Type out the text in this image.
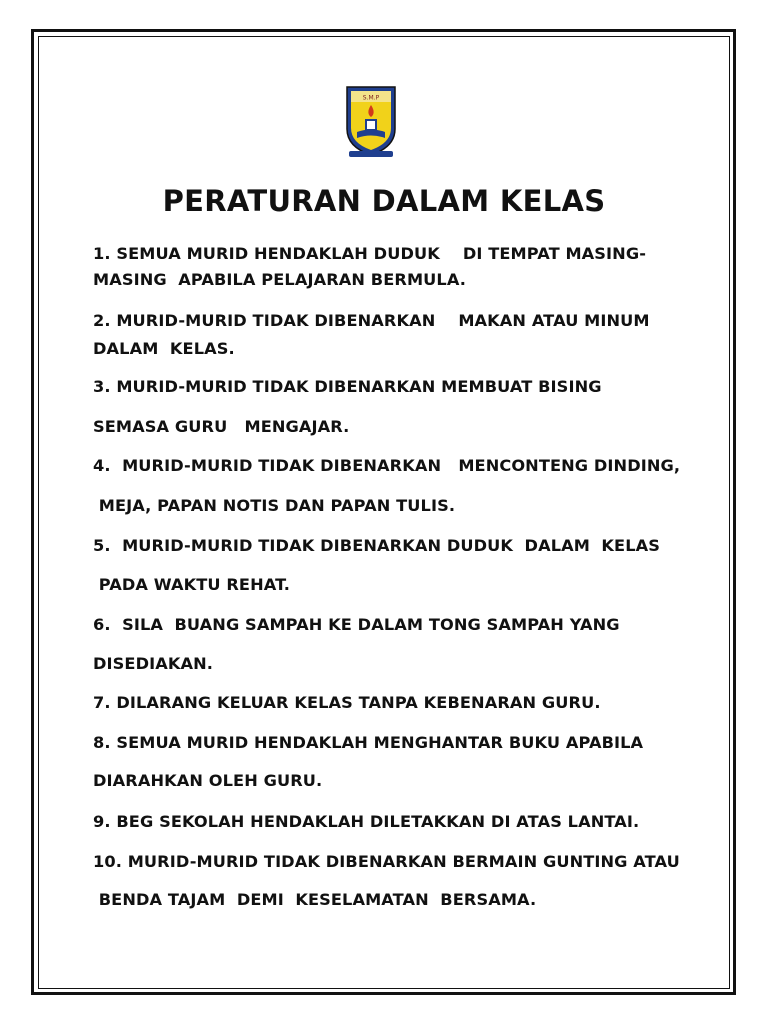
S.M.P
PERATURAN DALAM KELAS
1. SEMUA MURID HENDAKLAH DUDUK    DI TEMPAT MASING-
MASING  APABILA PELAJARAN BERMULA.
2. MURID-MURID TIDAK DIBENARKAN    MAKAN ATAU MINUM
DALAM  KELAS.
3. MURID-MURID TIDAK DIBENARKAN MEMBUAT BISING
SEMASA GURU   MENGAJAR.
4.  MURID-MURID TIDAK DIBENARKAN   MENCONTENG DINDING,
MEJA, PAPAN NOTIS DAN PAPAN TULIS.
5.  MURID-MURID TIDAK DIBENARKAN DUDUK  DALAM  KELAS
PADA WAKTU REHAT.
6.  SILA  BUANG SAMPAH KE DALAM TONG SAMPAH YANG
DISEDIAKAN.
7. DILARANG KELUAR KELAS TANPA KEBENARAN GURU.
8. SEMUA MURID HENDAKLAH MENGHANTAR BUKU APABILA
DIARAHKAN OLEH GURU.
9. BEG SEKOLAH HENDAKLAH DILETAKKAN DI ATAS LANTAI.
10. MURID-MURID TIDAK DIBENARKAN BERMAIN GUNTING ATAU
BENDA TAJAM  DEMI  KESELAMATAN  BERSAMA.
